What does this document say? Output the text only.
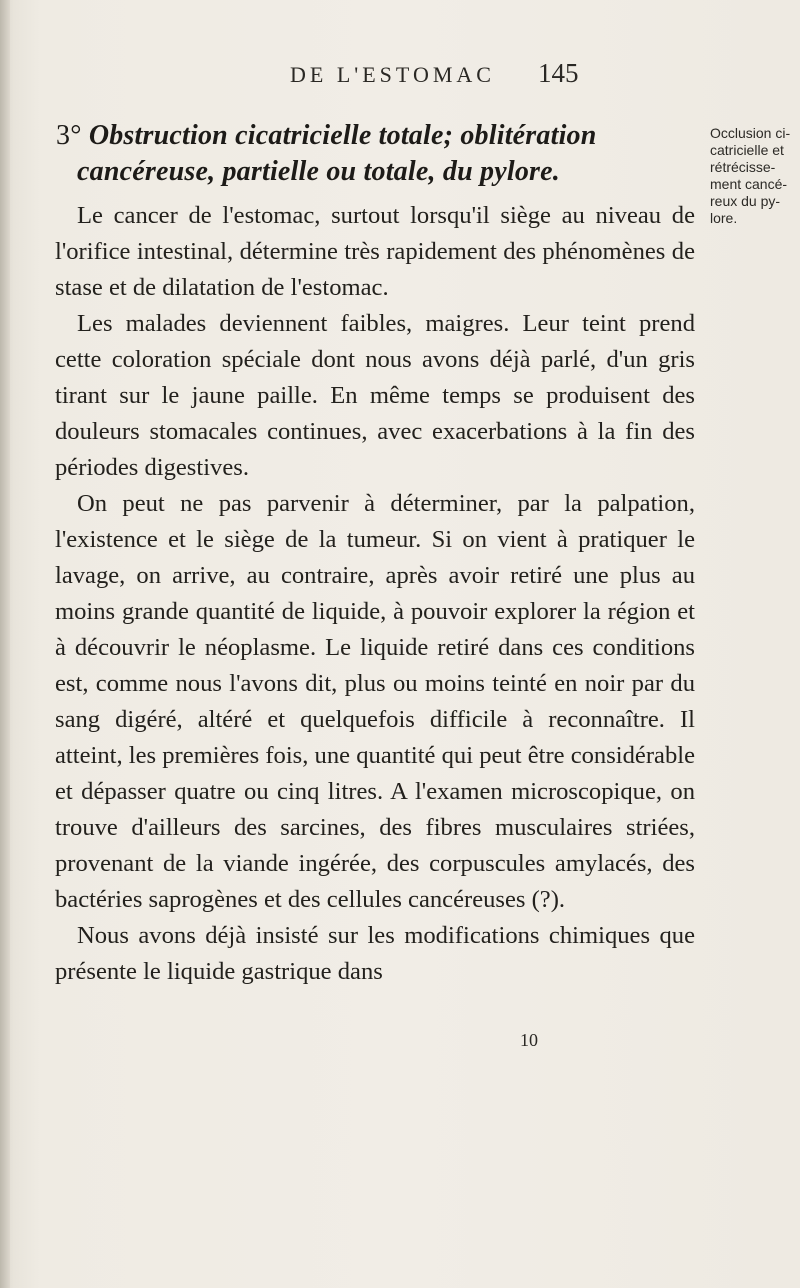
DE L'ESTOMAC 145
3° Obstruction cicatricielle totale; oblitération
cancéreuse, partielle ou totale, du pylore.
Occlusion ci-
catricielle et
rétrécisse-
ment cancé-
reux du py-
lore.

Le cancer de l'estomac, surtout lorsqu'il siège au niveau de l'orifice intestinal, détermine très rapidement des phénomènes de stase et de dilatation de l'estomac.

Les malades deviennent faibles, maigres. Leur teint prend cette coloration spéciale dont nous avons déjà parlé, d'un gris tirant sur le jaune paille. En même temps se produisent des douleurs stomacales continues, avec exacerbations à la fin des périodes digestives.

On peut ne pas parvenir à déterminer, par la palpation, l'existence et le siège de la tumeur. Si on vient à pratiquer le lavage, on arrive, au contraire, après avoir retiré une plus au moins grande quantité de liquide, à pouvoir explorer la région et à découvrir le néoplasme. Le liquide retiré dans ces conditions est, comme nous l'avons dit, plus ou moins teinté en noir par du sang digéré, altéré et quelquefois difficile à reconnaître. Il atteint, les premières fois, une quantité qui peut être considérable et dépasser quatre ou cinq litres. A l'examen microscopique, on trouve d'ailleurs des sarcines, des fibres musculaires striées, provenant de la viande ingérée, des corpuscules amylacés, des bactéries saprogènes et des cellules cancéreuses (?).

Nous avons déjà insisté sur les modifications chimiques que présente le liquide gastrique dans

10
